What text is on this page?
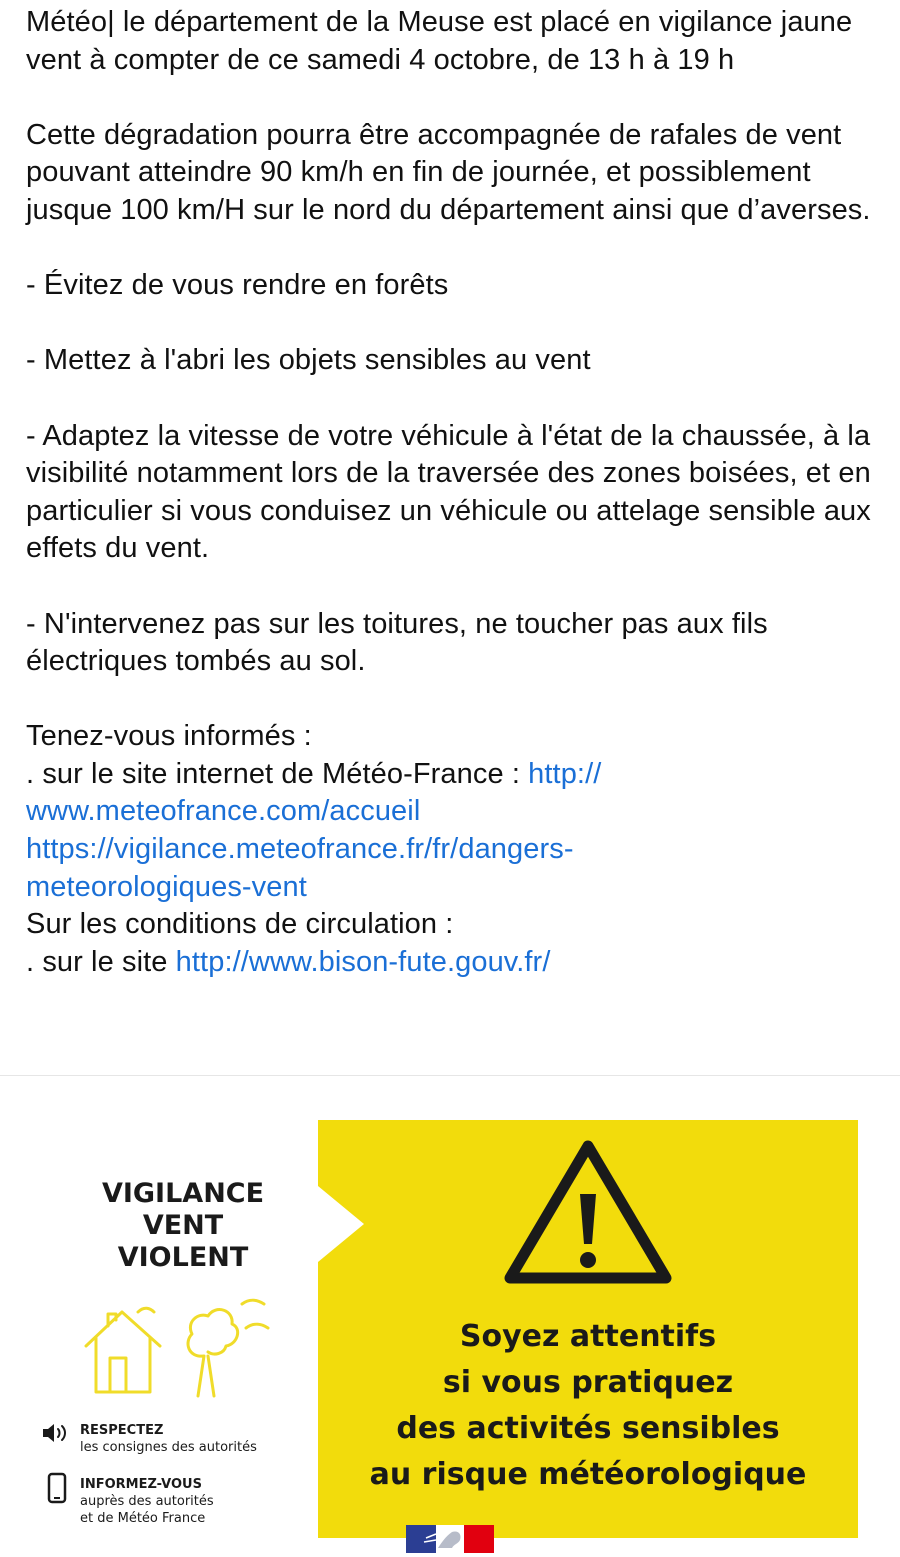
Météo| le département de la Meuse est placé en vigilance jaune vent à compter de ce samedi 4 octobre, de 13 h à 19 h

Cette dégradation pourra être accompagnée de rafales de vent pouvant atteindre 90 km/h en fin de journée, et possiblement jusque 100 km/H sur le nord du département ainsi que d’averses.

- Évitez de vous rendre en forêts

- Mettez à l'abri les objets sensibles au vent

- Adaptez la vitesse de votre véhicule à l'état de la chaussée, à la visibilité notamment lors de la traversée des zones boisées, et en particulier si vous conduisez un véhicule ou attelage sensible aux effets du vent.

- N'intervenez pas sur les toitures, ne toucher pas aux fils électriques tombés au sol.

Tenez-vous informés :

. sur le site internet de Météo-France : http://

www.meteofrance.com/accueil

https://vigilance.meteofrance.fr/fr/dangers-

meteorologiques-vent

Sur les conditions de circulation :

. sur le site http://www.bison-fute.gouv.fr/

VIGILANCE
VENT
VIOLENT
RESPECTEZ
les consignes des autorités
INFORMEZ-VOUS
auprès des autorités
et de Météo France
Soyez attentifs
si vous pratiquez
des activités sensibles
au risque météorologique
